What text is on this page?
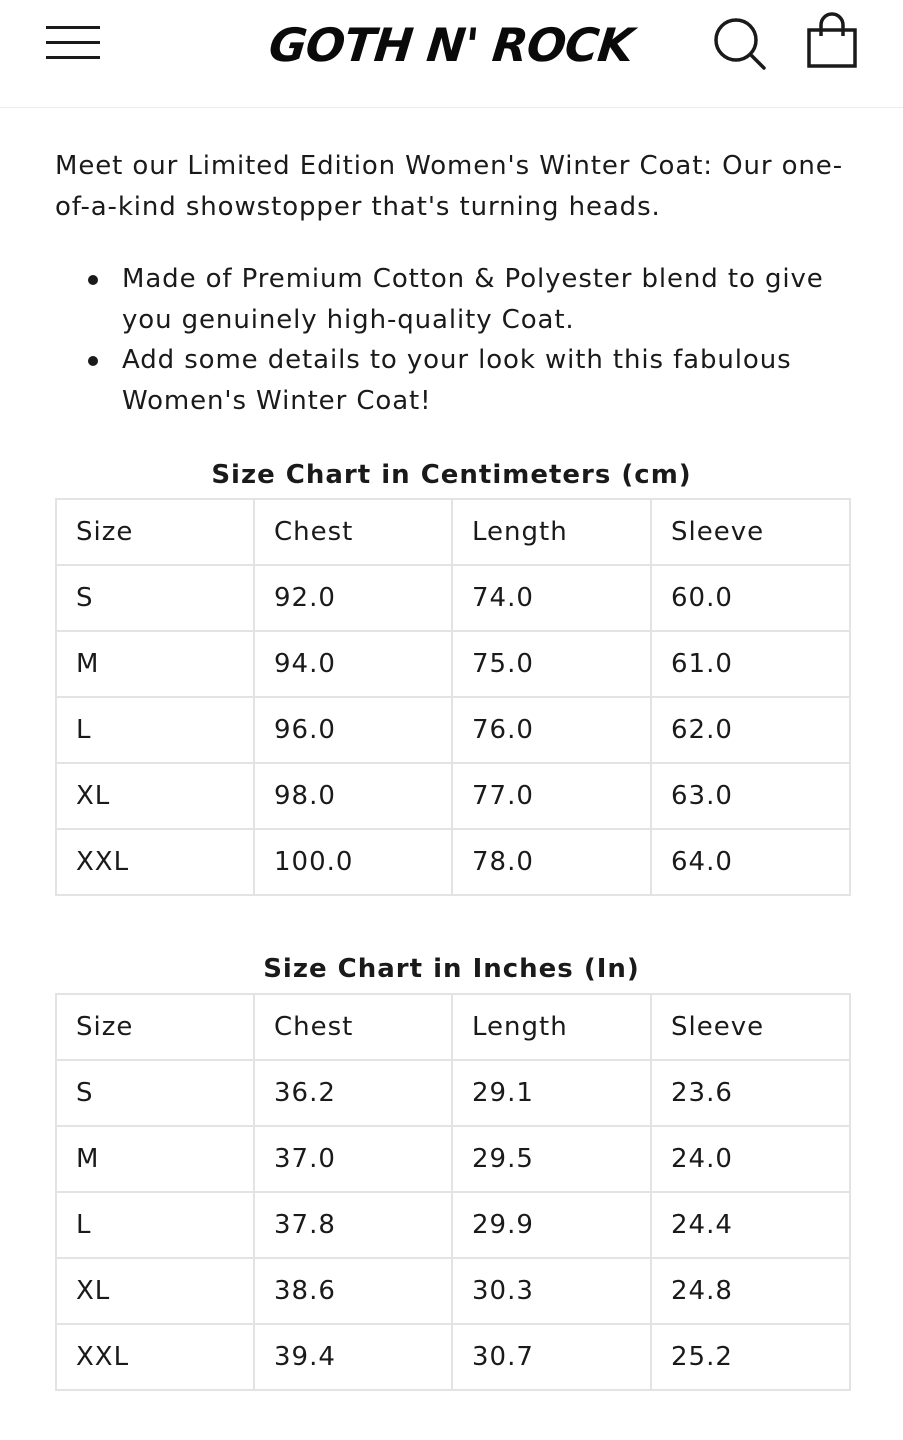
GOTH N' ROCK

Meet our Limited Edition Women's Winter Coat: Our one-of-a-kind showstopper that's turning heads.

Made of Premium Cotton & Polyester blend to give you genuinely high-quality Coat.
Add some details to your look with this fabulous Women's Winter Coat!
Size Chart in Centimeters (cm)
Size	Chest	Length	Sleeve
S	92.0	74.0	60.0
M	94.0	75.0	61.0
L	96.0	76.0	62.0
XL	98.0	77.0	63.0
XXL	100.0	78.0	64.0
Size Chart in Inches (In)
Size	Chest	Length	Sleeve
S	36.2	29.1	23.6
M	37.0	29.5	24.0
L	37.8	29.9	24.4
XL	38.6	30.3	24.8
XXL	39.4	30.7	25.2
